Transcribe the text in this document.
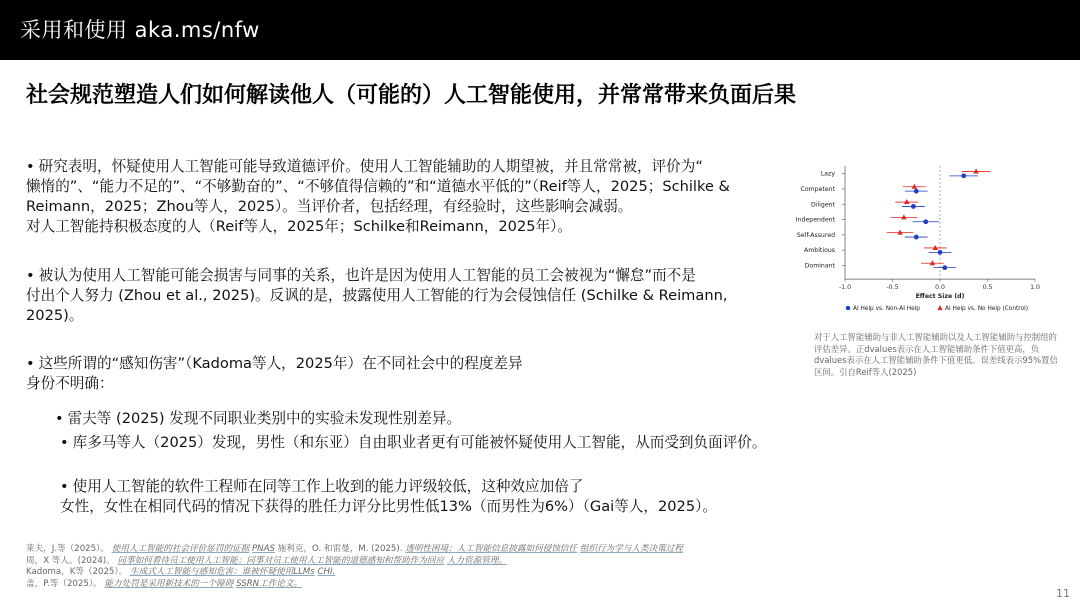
采用和使用 aka.ms/nfw
社会规范塑造人们如何解读他人（可能的）人工智能使用，并常常带来负面后果
• 研究表明，怀疑使用人工智能可能导致道德评价。使用人工智能辅助的人期望被，并且常常被，评价为“
懒惰的”、“能力不足的”、“不够勤奋的”、“不够值得信赖的”和“道德水平低的”（Reif等人，2025；Schilke &
Reimann，2025；Zhou等人，2025）。当评价者，包括经理，有经验时，这些影响会减弱。
对人工智能持积极态度的人（Reif等人，2025年；Schilke和Reimann，2025年）。
• 被认为使用人工智能可能会损害与同事的关系，也许是因为使用人工智能的员工会被视为“懈怠”而不是
付出个人努力 (Zhou et al., 2025)。反讽的是，披露使用人工智能的行为会侵蚀信任 (Schilke & Reimann,
2025)。
• 这些所谓的“感知伤害”（Kadoma等人，2025年）在不同社会中的程度差异
身份不明确：
• 雷夫等 (2025) 发现不同职业类别中的实验未发现性别差异。
• 库多马等人（2025）发现，男性（和东亚）自由职业者更有可能被怀疑使用人工智能，从而受到负面评价。
• 使用人工智能的软件工程师在同等工作上收到的能力评级较低，这种效应加倍了
女性，女性在相同代码的情况下获得的胜任力评分比男性低13%（而男性为6%）（Gai等人，2025）。
-1.0	-0.5	0.0	0.5	1.0
Effect Size (d)
Lazy
Competent
Diligent
Independent
Self-Assured
Ambitious
Dominant
AI Help vs. Non-AI Help	AI Help vs. No Help (Control)
对于人工智能辅助与非人工智能辅助以及人工智能辅助与控制组的评估差异。正dvalues表示在人工智能辅助条件下值更高，负dvalues表示在人工智能辅助条件下值更低。误差线表示95%置信区间。引自Reif等人(2025)
莱夫，J.等（2025）。 使用人工智能的社会评价惩罚的证据 PNAS 施利克，O. 和雷曼，M. (2025). 透明性困境：人工智能信息披露如何侵蚀信任 组织行为学与人类决策过程
周，X 等人。(2024)。 同事如何看待员工使用人工智能：同事对员工使用人工智能的道德感知和帮助作为回应 人力资源管理。
Kadoma，K等（2025）。 生成式人工智能与感知危害：谁被怀疑使用LLMs CHI.
盖，P.等（2025）。 能力处罚是采用新技术的一个障碍 SSRN工作论文。
11
